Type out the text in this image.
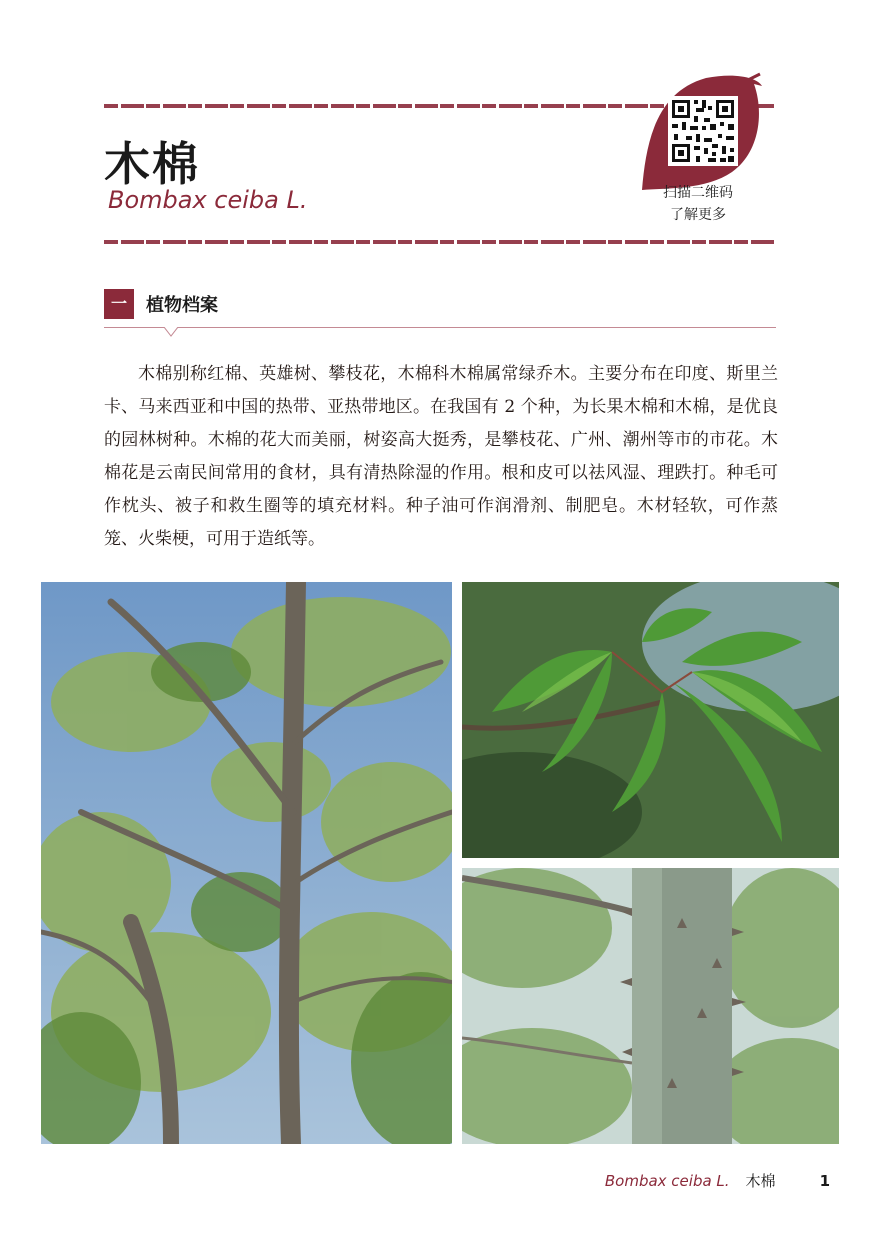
木棉
Bombax ceiba L.	扫描二维码
了解更多
一	植物档案
木棉别称红棉、英雄树、攀枝花，木棉科木棉属常绿乔木。主要分布在印度、斯里兰卡、马来西亚和中国的热带、亚热带地区。在我国有 2 个种，为长果木棉和木棉，是优良的园林树种。木棉的花大而美丽，树姿高大挺秀，是攀枝花、广州、潮州等市的市花。木棉花是云南民间常用的食材，具有清热除湿的作用。根和皮可以祛风湿、理跌打。种毛可作枕头、被子和救生圈等的填充材料。种子油可作润滑剂、制肥皂。木材轻软，可作蒸笼、火柴梗，可用于造纸等。
Bombax ceiba L. 木棉	1
